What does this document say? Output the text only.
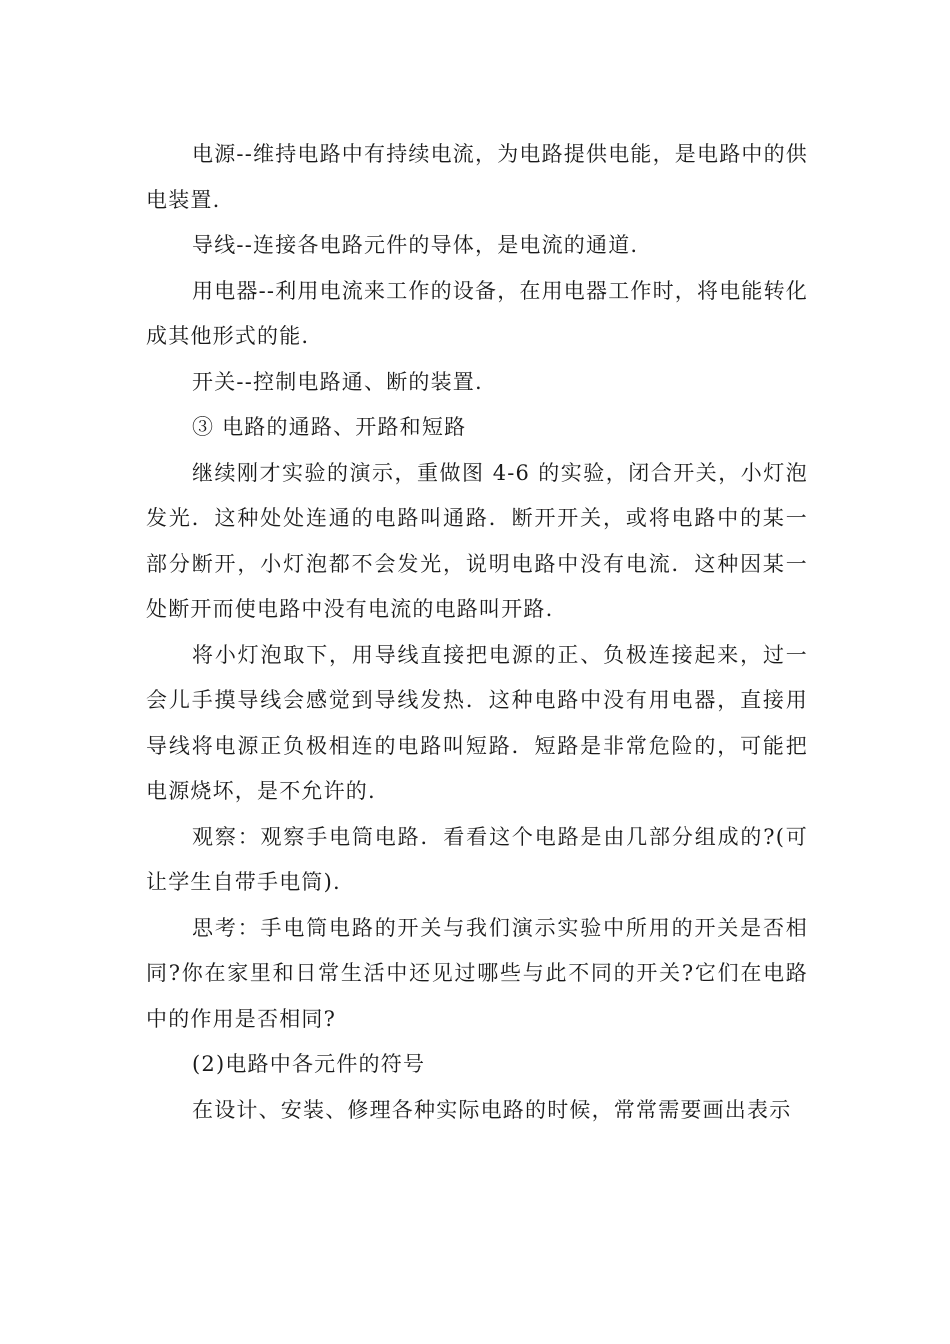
电源--维持电路中有持续电流，为电路提供电能，是电路中的供电装置.

导线--连接各电路元件的导体，是电流的通道.

用电器--利用电流来工作的设备，在用电器工作时，将电能转化成其他形式的能.

开关--控制电路通、断的装置.

③ 电路的通路、开路和短路

继续刚才实验的演示，重做图 4-6 的实验，闭合开关，小灯泡发光．这种处处连通的电路叫通路．断开开关，或将电路中的某一部分断开，小灯泡都不会发光，说明电路中没有电流．这种因某一处断开而使电路中没有电流的电路叫开路.

将小灯泡取下，用导线直接把电源的正、负极连接起来，过一会儿手摸导线会感觉到导线发热．这种电路中没有用电器，直接用导线将电源正负极相连的电路叫短路．短路是非常危险的，可能把电源烧坏，是不允许的.

观察：观察手电筒电路．看看这个电路是由几部分组成的?(可让学生自带手电筒).

思考：手电筒电路的开关与我们演示实验中所用的开关是否相同?你在家里和日常生活中还见过哪些与此不同的开关?它们在电路中的作用是否相同?

(2)电路中各元件的符号

在设计、安装、修理各种实际电路的时候，常常需要画出表示
